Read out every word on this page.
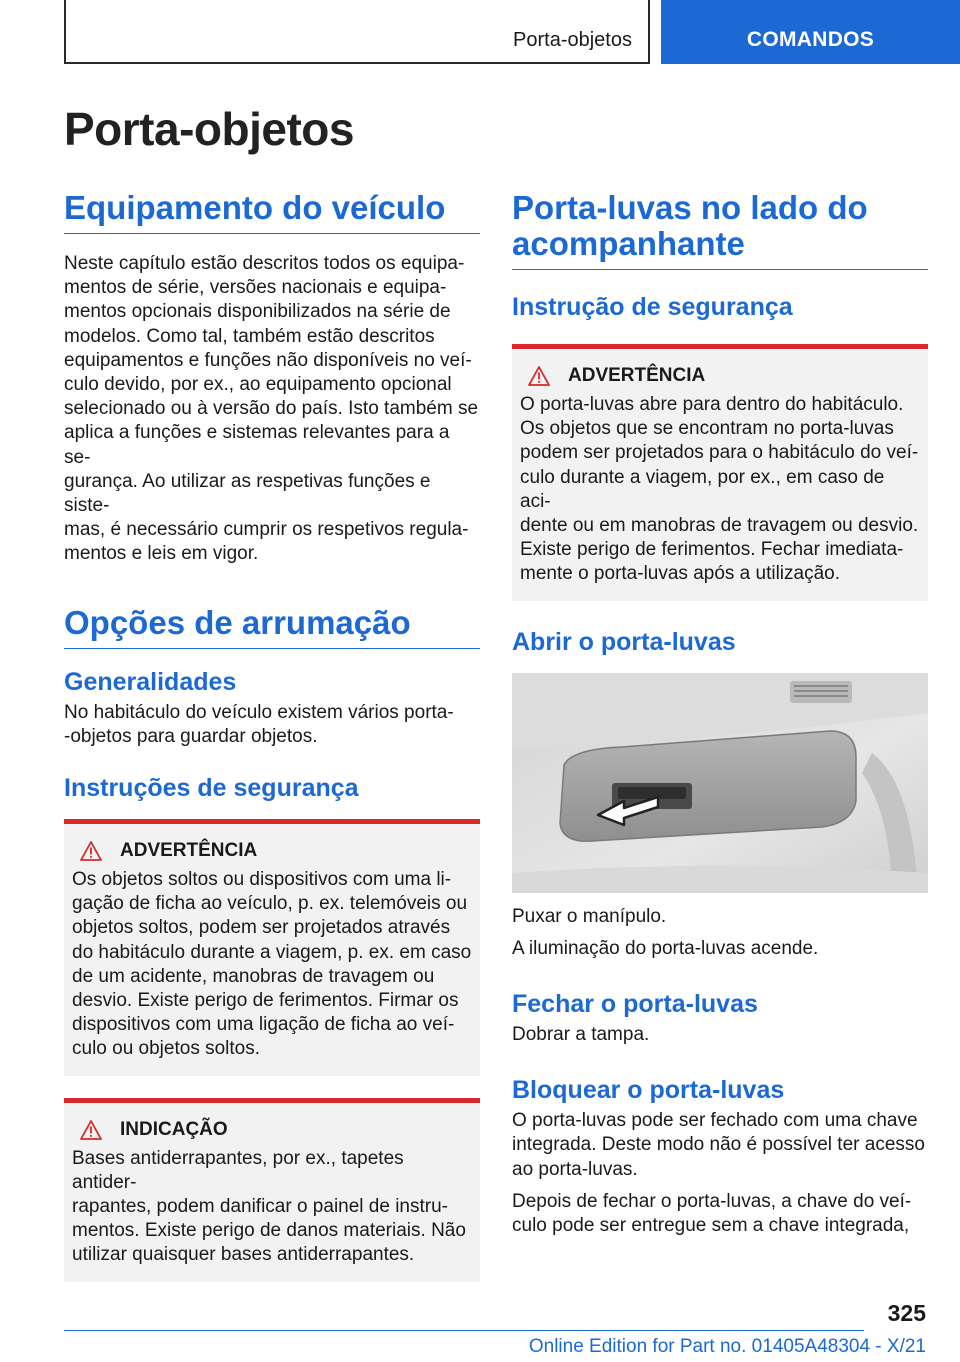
Porta-objetos	COMANDOS
Porta-objetos
Equipamento do veículo

Neste capítulo estão descritos todos os equipa-
mentos de série, versões nacionais e equipa-
mentos opcionais disponibilizados na série de
modelos. Como tal, também estão descritos
equipamentos e funções não disponíveis no veí-
culo devido, por ex., ao equipamento opcional
selecionado ou à versão do país. Isto também se
aplica a funções e sistemas relevantes para a se-
gurança. Ao utilizar as respetivas funções e siste-
mas, é necessário cumprir os respetivos regula-
mentos e leis em vigor.

Opções de arrumação
Generalidades

No habitáculo do veículo existem vários porta-
-objetos para guardar objetos.

Instruções de segurança
ADVERTÊNCIA

Os objetos soltos ou dispositivos com uma li-
gação de ficha ao veículo, p. ex. telemóveis ou
objetos soltos, podem ser projetados através
do habitáculo durante a viagem, p. ex. em caso
de um acidente, manobras de travagem ou
desvio. Existe perigo de ferimentos. Firmar os
dispositivos com uma ligação de ficha ao veí-
culo ou objetos soltos.

INDICAÇÃO

Bases antiderrapantes, por ex., tapetes antider-
rapantes, podem danificar o painel de instru-
mentos. Existe perigo de danos materiais. Não
utilizar quaisquer bases antiderrapantes.

Porta-luvas no lado do
acompanhante
Instrução de segurança
ADVERTÊNCIA

O porta-luvas abre para dentro do habitáculo.
Os objetos que se encontram no porta-luvas
podem ser projetados para o habitáculo do veí-
culo durante a viagem, por ex., em caso de aci-
dente ou em manobras de travagem ou desvio.
Existe perigo de ferimentos. Fechar imediata-
mente o porta-luvas após a utilização.

Abrir o porta-luvas

Puxar o manípulo.

A iluminação do porta-luvas acende.

Fechar o porta-luvas

Dobrar a tampa.

Bloquear o porta-luvas

O porta-luvas pode ser fechado com uma chave
integrada. Deste modo não é possível ter acesso
ao porta-luvas.

Depois de fechar o porta-luvas, a chave do veí-
culo pode ser entregue sem a chave integrada,

325
Online Edition for Part no. 01405A48304 - X/21
